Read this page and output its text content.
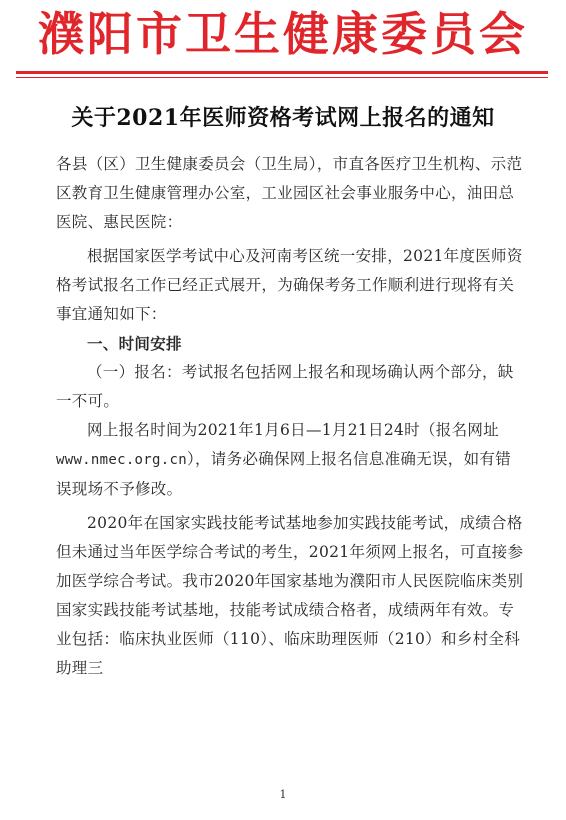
濮阳市卫生健康委员会
关于2021年医师资格考试网上报名的通知

各县（区）卫生健康委员会（卫生局），市直各医疗卫生机构、示范区教育卫生健康管理办公室，工业园区社会事业服务中心，油田总医院、惠民医院：

根据国家医学考试中心及河南考区统一安排，2021年度医师资格考试报名工作已经正式展开，为确保考务工作顺利进行现将有关事宜通知如下：

一、时间安排

（一）报名：考试报名包括网上报名和现场确认两个部分，缺一不可。

网上报名时间为2021年1月6日—1月21日24时（报名网址 www.nmec.org.cn），请务必确保网上报名信息准确无误，如有错误现场不予修改。

2020年在国家实践技能考试基地参加实践技能考试，成绩合格但未通过当年医学综合考试的考生，2021年须网上报名，可直接参加医学综合考试。我市2020年国家基地为濮阳市人民医院临床类别国家实践技能考试基地，技能考试成绩合格者，成绩两年有效。专业包括：临床执业医师（110）、临床助理医师（210）和乡村全科助理三

1
